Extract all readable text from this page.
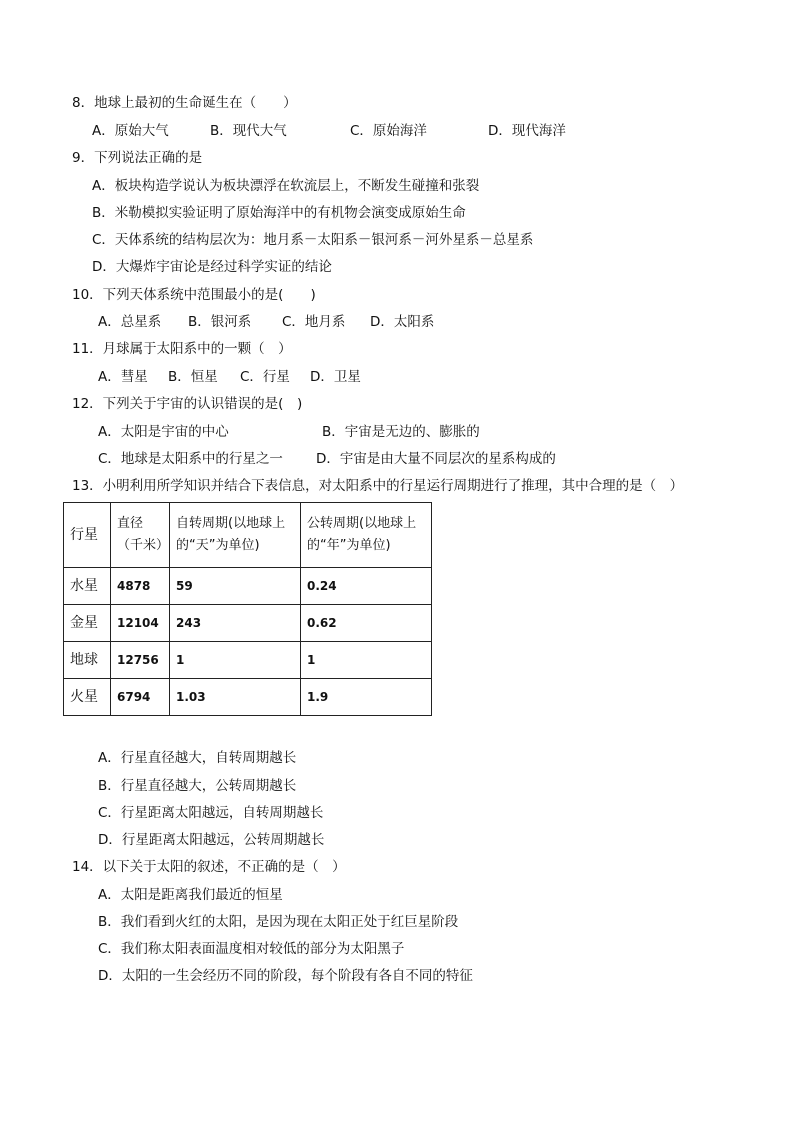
8．地球上最初的生命诞生在（　　）
A．原始大气	B．现代大气	C．原始海洋	D．现代海洋
9．下列说法正确的是
A．板块构造学说认为板块漂浮在软流层上，不断发生碰撞和张裂
B．米勒模拟实验证明了原始海洋中的有机物会演变成原始生命
C．天体系统的结构层次为：地月系－太阳系－银河系－河外星系－总星系
D．大爆炸宇宙论是经过科学实证的结论
10．下列天体系统中范围最小的是(　　)
A．总星系 B．银河系 C．地月系 D．太阳系
11．月球属于太阳系中的一颗（　）
A．彗星 B．恒星 C．行星 D．卫星
12．下列关于宇宙的认识错误的是(　)
A．太阳是宇宙的中心	B．宇宙是无边的、膨胀的
C．地球是太阳系中的行星之一 D．宇宙是由大量不同层次的星系构成的
13．小明利用所学知识并结合下表信息，对太阳系中的行星运行周期进行了推理，其中合理的是（　）
行星	直径（千米）	自转周期(以地球上的“天”为单位)	公转周期(以地球上的“年”为单位)
水星	4878	59	0.24
金星	12104	243	0.62
地球	12756	1	1
火星	6794	1.03	1.9
A．行星直径越大，自转周期越长
B．行星直径越大，公转周期越长
C．行星距离太阳越远，自转周期越长
D．行星距离太阳越远，公转周期越长
14．以下关于太阳的叙述，不正确的是（　）
A．太阳是距离我们最近的恒星
B．我们看到火红的太阳，是因为现在太阳正处于红巨星阶段
C．我们称太阳表面温度相对较低的部分为太阳黑子
D．太阳的一生会经历不同的阶段，每个阶段有各自不同的特征
